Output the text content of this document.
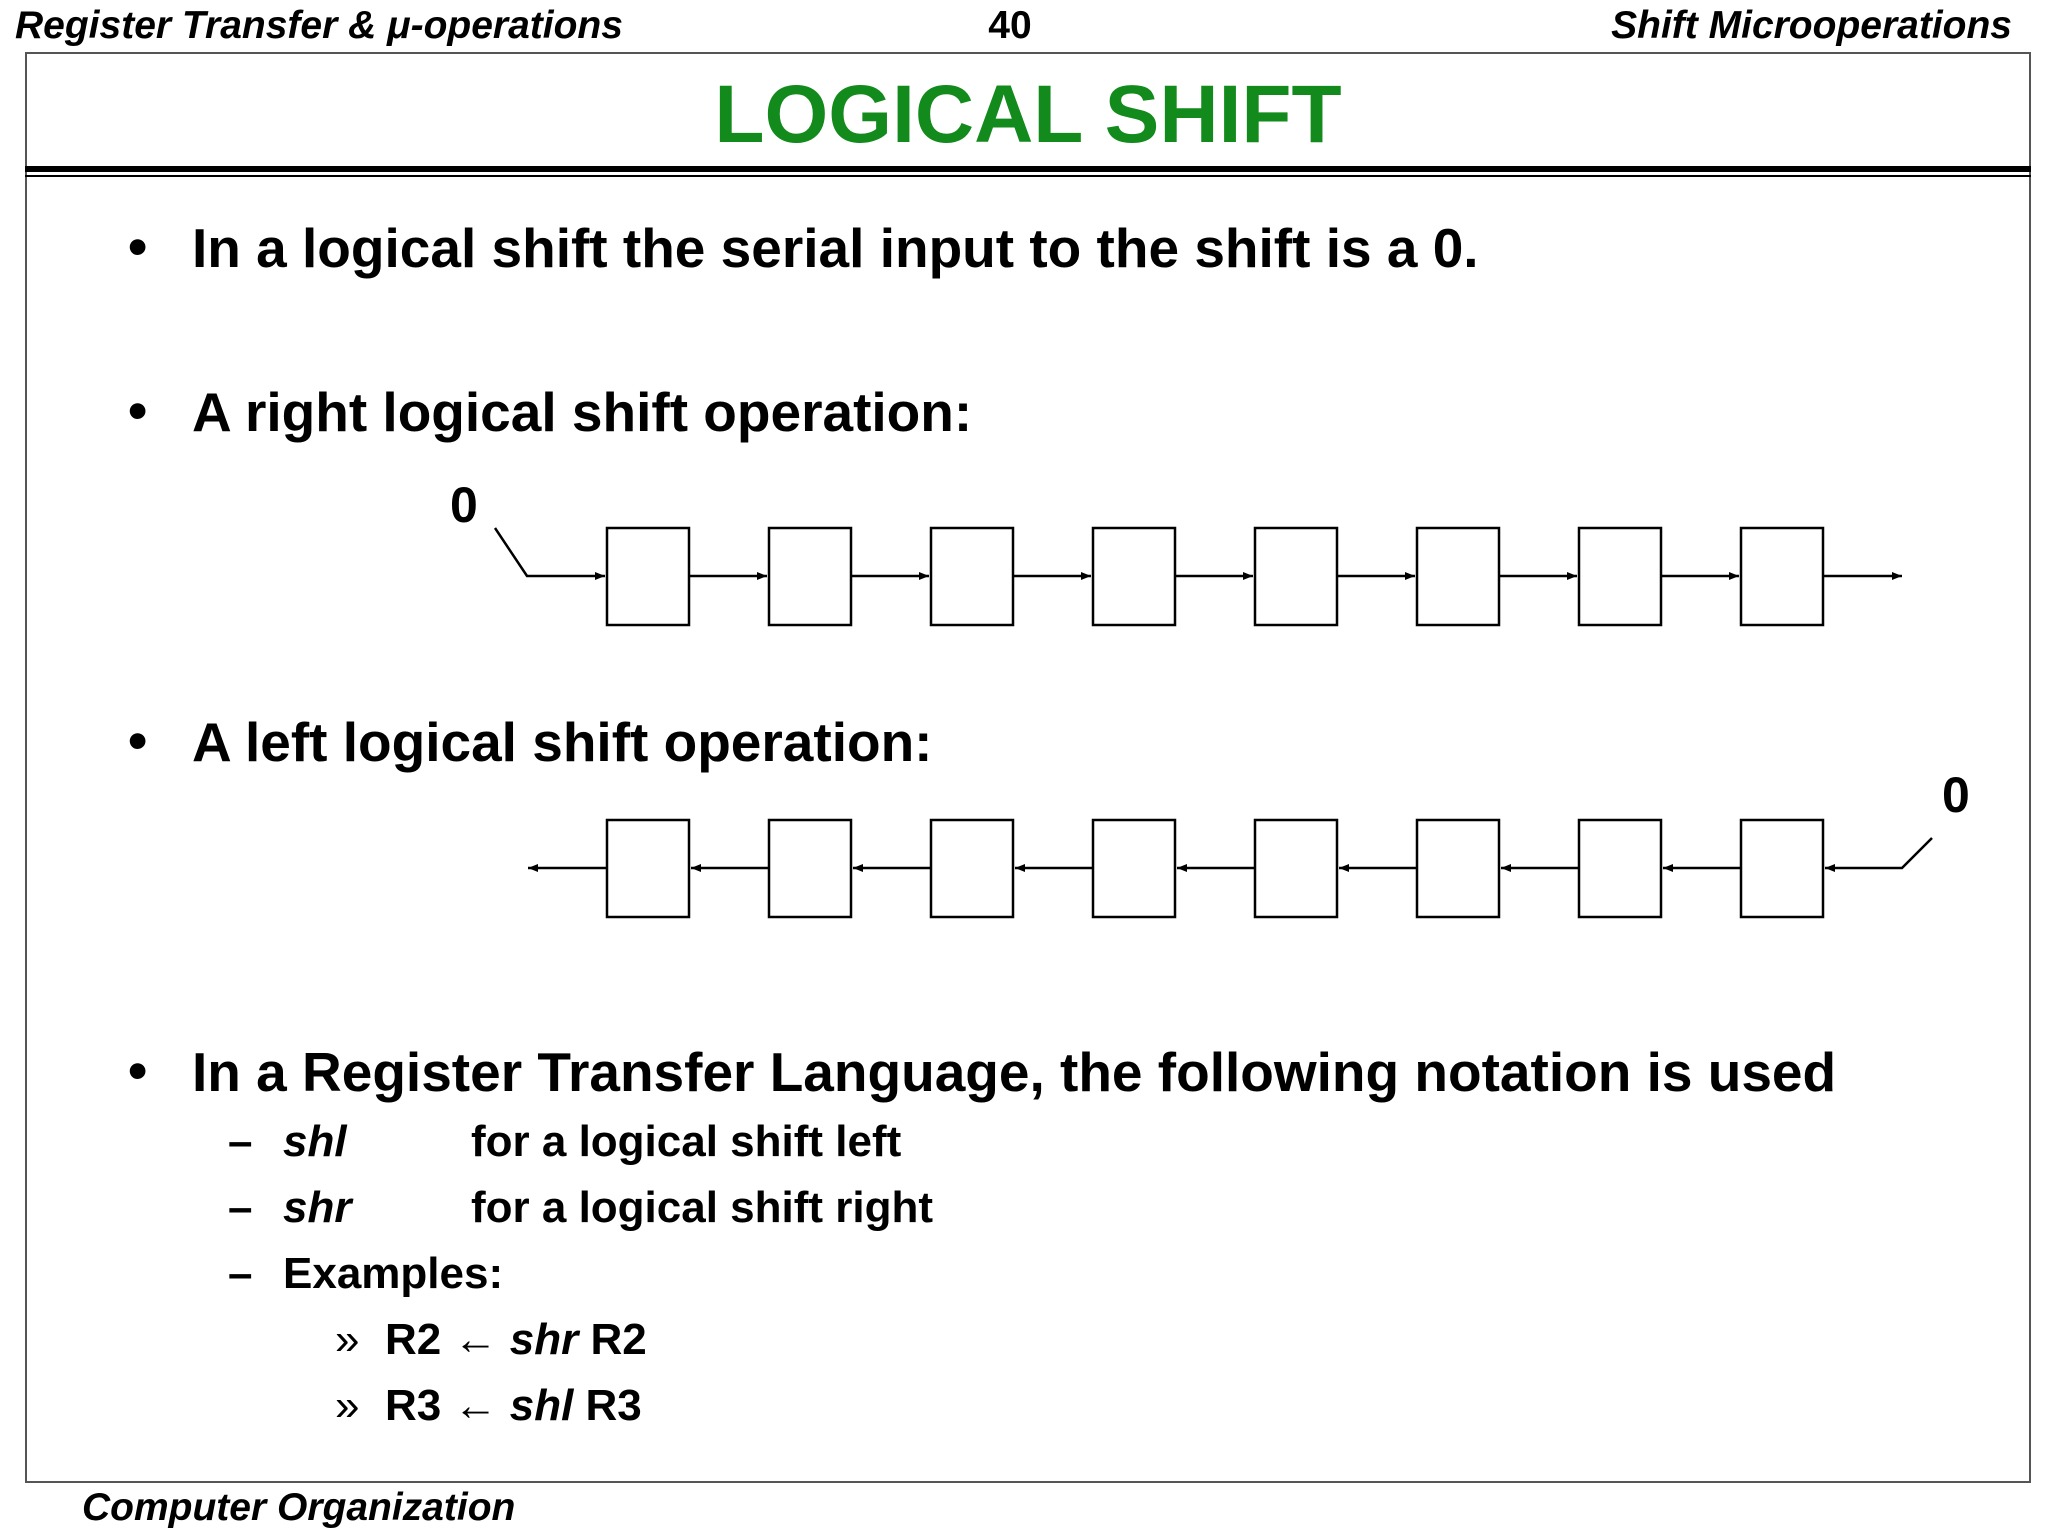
Register Transfer & μ-operations	40	Shift Microoperations
LOGICAL SHIFT
• In a logical shift the serial input to the shift is a 0.
• A right logical shift operation:
• A left logical shift operation:
• In a Register Transfer Language, the following notation is used
0
0
– shl	for a logical shift left
– shr	for a logical shift right
– Examples:
» R2 ← shr R2
» R3 ← shl R3
Computer Organization
